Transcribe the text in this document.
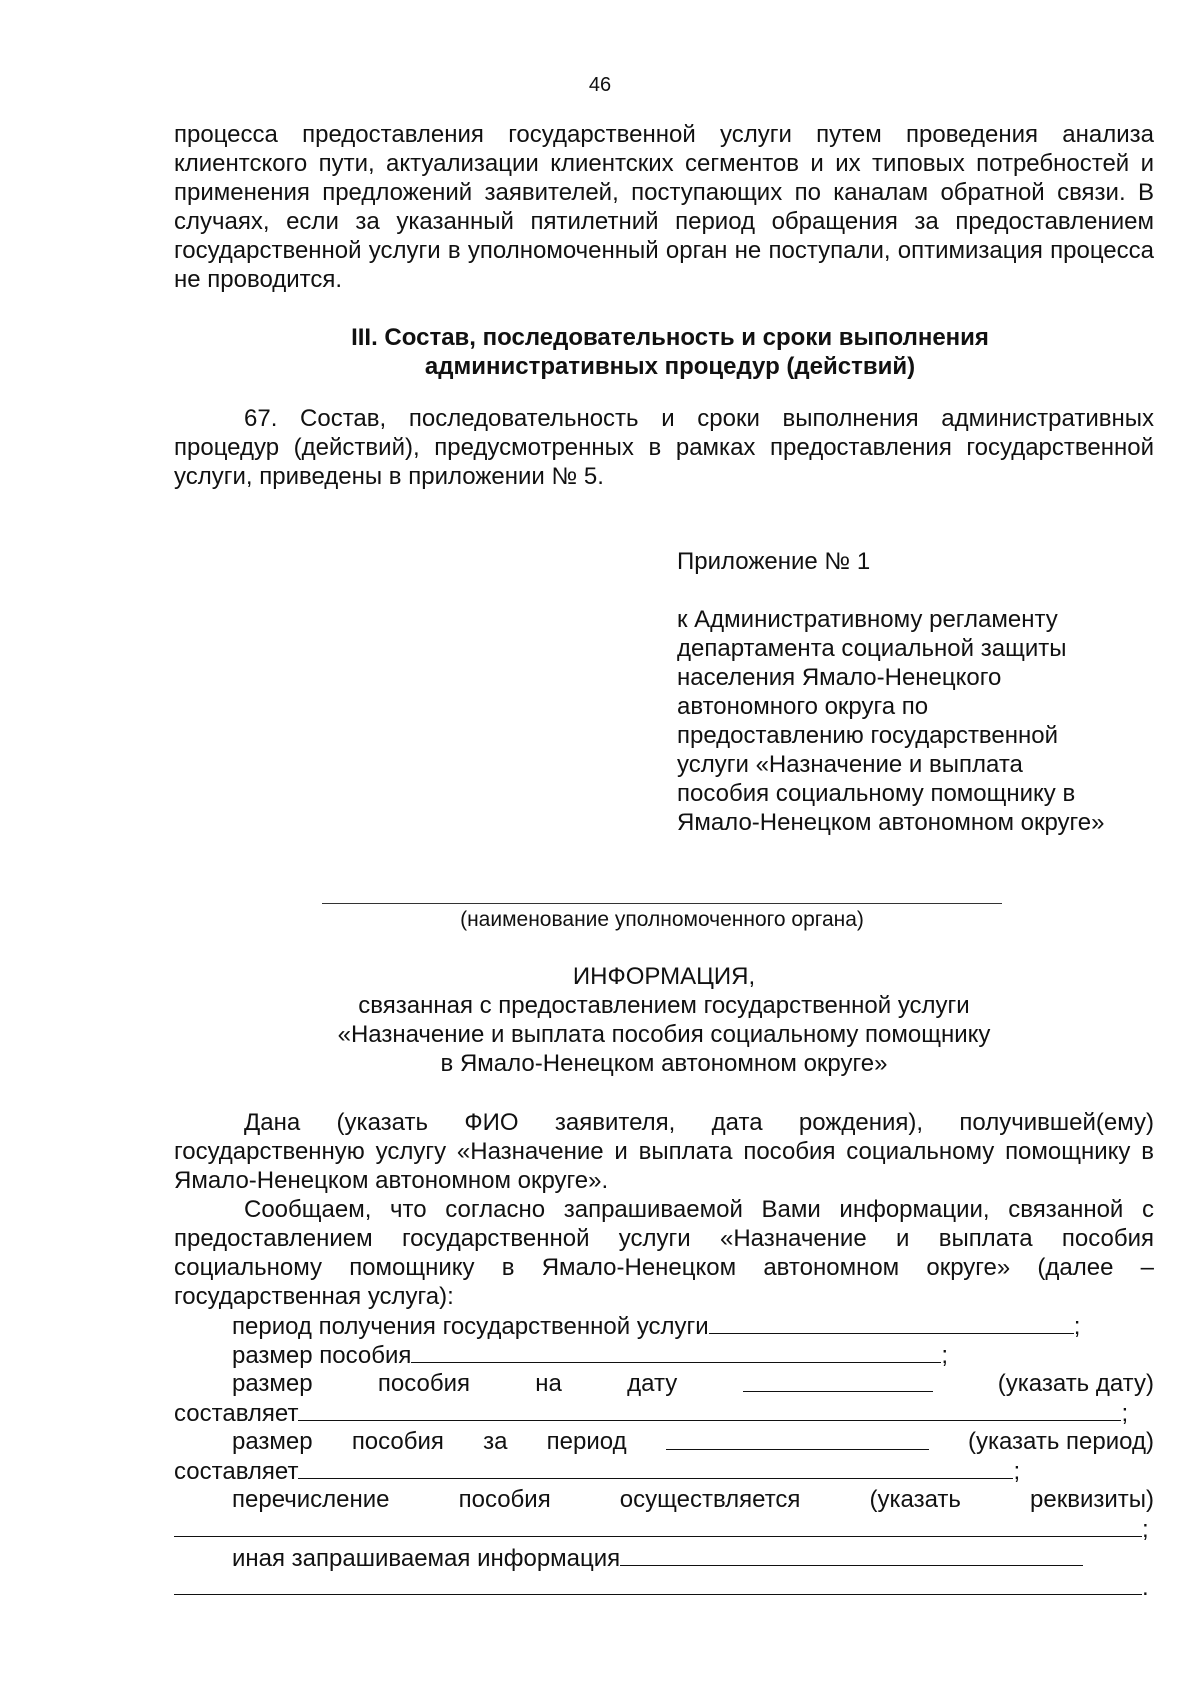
46
процесса предоставления государственной услуги путем проведения анализа клиентского пути, актуализации клиентских сегментов и их типовых потребностей и применения предложений заявителей, поступающих по каналам обратной связи. В случаях, если за указанный пятилетний период обращения за предоставлением государственной услуги в уполномоченный орган не поступали, оптимизация процесса не проводится.
III. Состав, последовательность и сроки выполнения
административных процедур (действий)
67. Состав, последовательность и сроки выполнения административных процедур (действий), предусмотренных в рамках предоставления государственной услуги, приведены в приложении № 5.
Приложение № 1
к Административному регламенту
департамента социальной защиты
населения Ямало-Ненецкого
автономного округа по
предоставлению государственной
услуги «Назначение и выплата
пособия социальному помощнику в
Ямало-Ненецком автономном округе»
(наименование уполномоченного органа)
ИНФОРМАЦИЯ,
связанная с предоставлением государственной услуги
«Назначение и выплата пособия социальному помощнику
в Ямало-Ненецком автономном округе»
Дана (указать ФИО заявителя, дата рождения), получившей(ему) государственную услугу «Назначение и выплата пособия социальному помощнику в Ямало-Ненецком автономном округе».
Сообщаем, что согласно запрашиваемой Вами информации, связанной с предоставлением государственной услуги «Назначение и выплата пособия социальному помощнику в Ямало-Ненецком автономном округе» (далее – государственная услуга):
период получения государственной услуги	;
размер пособия	;
размер	пособия	на	дату	(указать дату)
составляет	;
размер пособия за период	(указать период)
составляет	;
перечисление	пособия	осуществляется	(указать	реквизиты)
;
иная запрашиваемая информация
.
